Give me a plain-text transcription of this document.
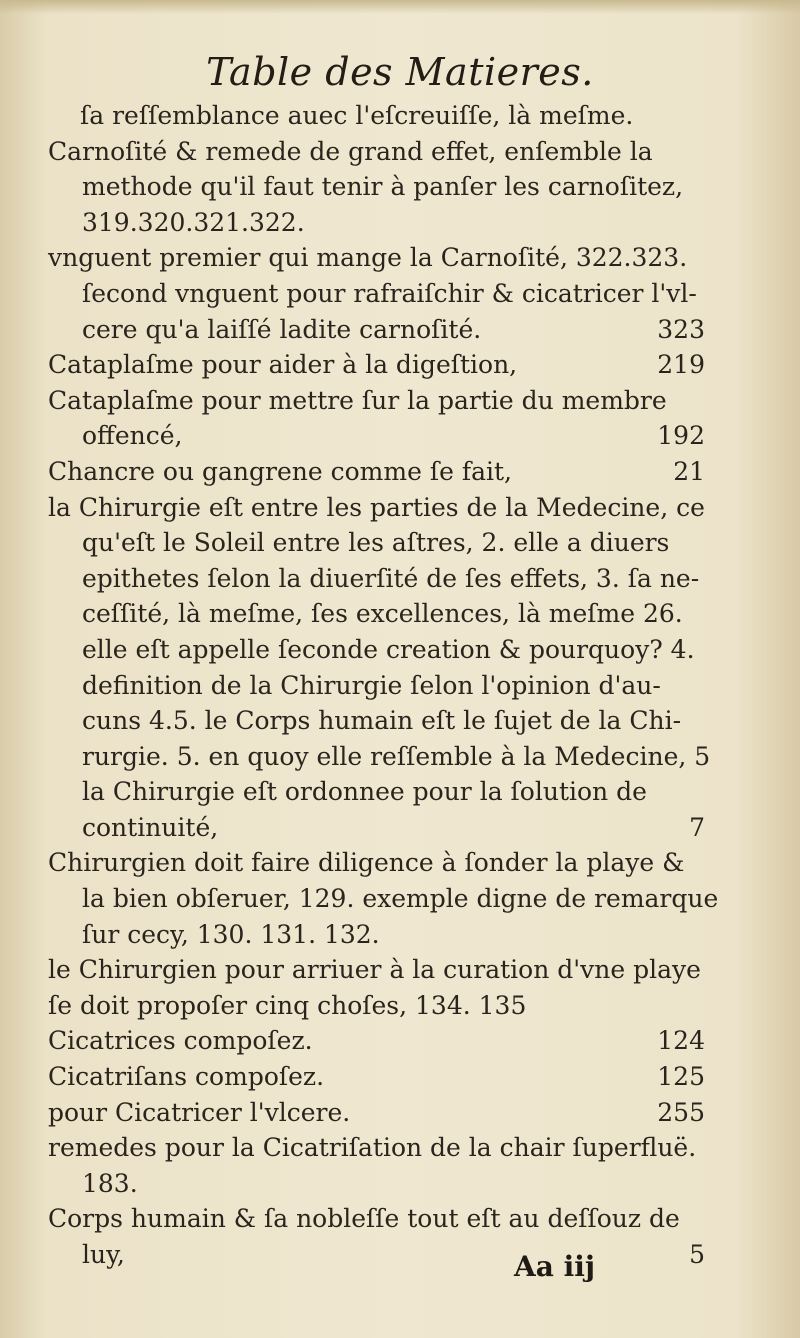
Table des Matieres.
ſa reſſemblance auec l'eſcreuiſſe, là meſme.
Carnoſité & remede de grand effet, enſemble la
methode qu'il faut tenir à panſer les carnoſitez,
319.320.321.322.
vnguent premier qui mange la Carnoſité, 322.323.
ſecond vnguent pour rafraiſchir & cicatricer l'vl-
cere qu'a laiſſé ladite carnoſité.	323
Cataplaſme pour aider à la digeſtion,	219
Cataplaſme pour mettre ſur la partie du membre
offencé,	192
Chancre ou gangrene comme ſe fait,	21
la Chirurgie eſt entre les parties de la Medecine, ce
qu'eſt le Soleil entre les aſtres, 2. elle a diuers
epithetes ſelon la diuerſité de ſes effets, 3. ſa ne-
ceſſité, là meſme, ſes excellences, là meſme 26.
elle eſt appelle ſeconde creation & pourquoy? 4.
definition de la Chirurgie ſelon l'opinion d'au-
cuns 4.5. le Corps humain eſt le ſujet de la Chi-
rurgie. 5. en quoy elle reſſemble à la Medecine, 5
la Chirurgie eſt ordonnee pour la ſolution de
continuité,	7
Chirurgien doit faire diligence à ſonder la playe &
la bien obſeruer, 129. exemple digne de remarque
ſur cecy, 130. 131. 132.
le Chirurgien pour arriuer à la curation d'vne playe
ſe doit propoſer cinq choſes, 134. 135
Cicatrices compoſez.	124
Cicatriſans compoſez.	125
pour Cicatricer l'vlcere.	255
remedes pour la Cicatriſation de la chair ſuperfluë.
183.
Corps humain & ſa nobleſſe tout eſt au deſſouz de
luy,	5
Aa iij
